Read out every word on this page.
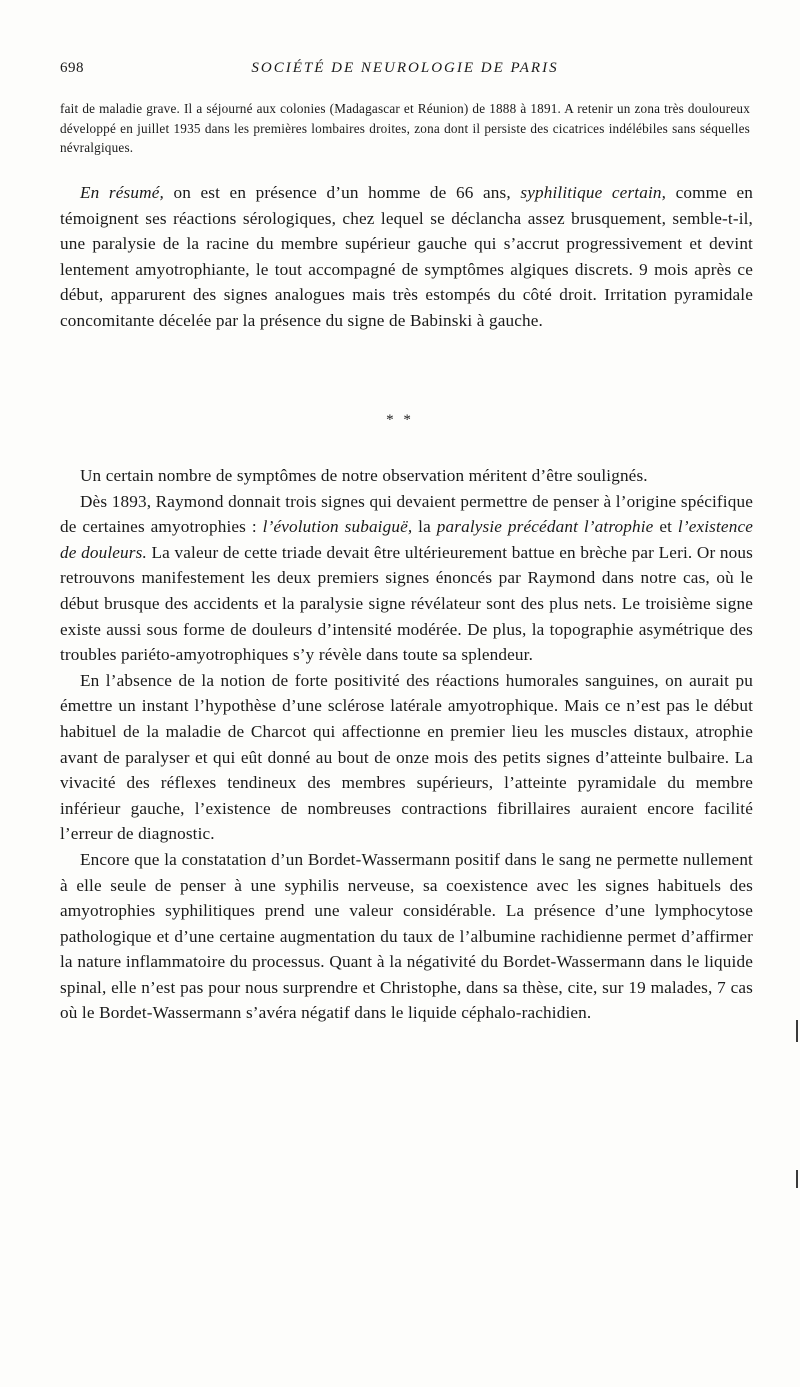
698	SOCIÉTÉ DE NEUROLOGIE DE PARIS
fait de maladie grave. Il a séjourné aux colonies (Madagascar et Réunion) de 1888 à 1891. A retenir un zona très douloureux développé en juillet 1935 dans les premières lombaires droites, zona dont il persiste des cicatrices indélébiles sans séquelles névralgiques.

En résumé, on est en présence d’un homme de 66 ans, syphilitique certain, comme en témoignent ses réactions sérologiques, chez lequel se déclancha assez brusquement, semble-t-il, une paralysie de la racine du membre supérieur gauche qui s’accrut progressivement et devint lentement amyotrophiante, le tout accompagné de symptômes algiques discrets. 9 mois après ce début, apparurent des signes analogues mais très estompés du côté droit. Irritation pyramidale concomitante décelée par la présence du signe de Babinski à gauche.

* *

Un certain nombre de symptômes de notre observation méritent d’être soulignés.

Dès 1893, Raymond donnait trois signes qui devaient permettre de penser à l’origine spécifique de certaines amyotrophies : l’évolution subaiguë, la paralysie précédant l’atrophie et l’existence de douleurs. La valeur de cette triade devait être ultérieurement battue en brèche par Leri. Or nous retrouvons manifestement les deux premiers signes énoncés par Raymond dans notre cas, où le début brusque des accidents et la paralysie signe révélateur sont des plus nets. Le troisième signe existe aussi sous forme de douleurs d’intensité modérée. De plus, la topographie asymétrique des troubles pariéto-amyotrophiques s’y révèle dans toute sa splendeur.

En l’absence de la notion de forte positivité des réactions humorales sanguines, on aurait pu émettre un instant l’hypothèse d’une sclérose latérale amyotrophique. Mais ce n’est pas le début habituel de la maladie de Charcot qui affectionne en premier lieu les muscles distaux, atrophie avant de paralyser et qui eût donné au bout de onze mois des petits signes d’atteinte bulbaire. La vivacité des réflexes tendineux des membres supérieurs, l’atteinte pyramidale du membre inférieur gauche, l’existence de nombreuses contractions fibrillaires auraient encore facilité l’erreur de diagnostic.

Encore que la constatation d’un Bordet-Wassermann positif dans le sang ne permette nullement à elle seule de penser à une syphilis nerveuse, sa coexistence avec les signes habituels des amyotrophies syphilitiques prend une valeur considérable. La présence d’une lymphocytose pathologique et d’une certaine augmentation du taux de l’albumine rachidienne permet d’affirmer la nature inflammatoire du processus. Quant à la négativité du Bordet-Wassermann dans le liquide spinal, elle n’est pas pour nous surprendre et Christophe, dans sa thèse, cite, sur 19 malades, 7 cas où le Bordet-Wassermann s’avéra négatif dans le liquide céphalo-rachidien.
